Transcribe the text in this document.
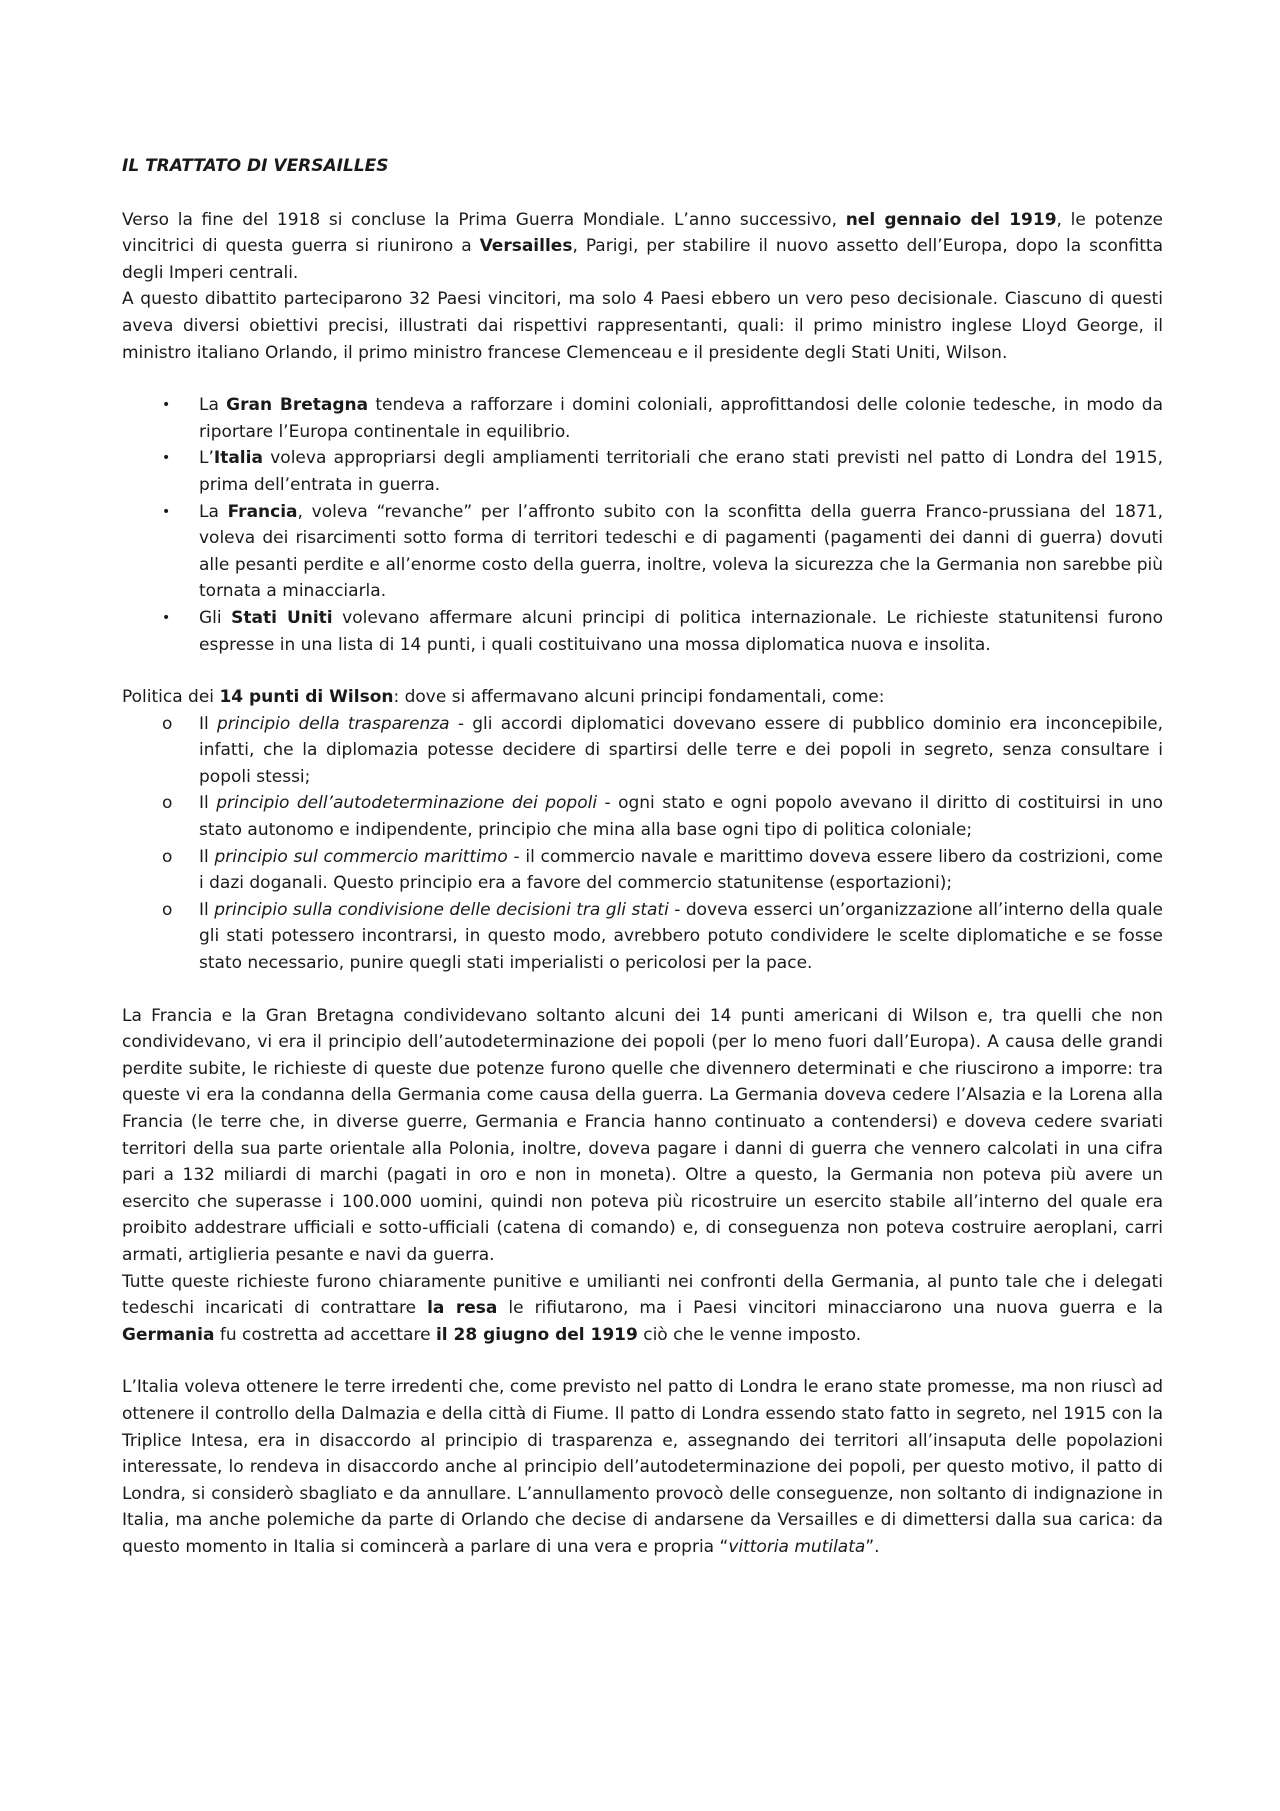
IL TRATTATO DI VERSAILLES

Verso la fine del 1918 si concluse la Prima Guerra Mondiale. L’anno successivo, nel gennaio del 1919, le potenze vincitrici di questa guerra si riunirono a Versailles, Parigi, per stabilire il nuovo assetto dell’Europa, dopo la sconfitta degli Imperi centrali.

A questo dibattito parteciparono 32 Paesi vincitori, ma solo 4 Paesi ebbero un vero peso decisionale. Ciascuno di questi aveva diversi obiettivi precisi, illustrati dai rispettivi rappresentanti, quali: il primo ministro inglese Lloyd George, il ministro italiano Orlando, il primo ministro francese Clemenceau e il presidente degli Stati Uniti, Wilson.

• La Gran Bretagna tendeva a rafforzare i domini coloniali, approfittandosi delle colonie tedesche, in modo da riportare l’Europa continentale in equilibrio.
• L’Italia voleva appropriarsi degli ampliamenti territoriali che erano stati previsti nel patto di Londra del 1915, prima dell’entrata in guerra.
• La Francia, voleva “revanche” per l’affronto subito con la sconfitta della guerra Franco-prussiana del 1871, voleva dei risarcimenti sotto forma di territori tedeschi e di pagamenti (pagamenti dei danni di guerra) dovuti alle pesanti perdite e all’enorme costo della guerra, inoltre, voleva la sicurezza che la Germania non sarebbe più tornata a minacciarla.
• Gli Stati Uniti volevano affermare alcuni principi di politica internazionale. Le richieste statunitensi furono espresse in una lista di 14 punti, i quali costituivano una mossa diplomatica nuova e insolita.

Politica dei 14 punti di Wilson: dove si affermavano alcuni principi fondamentali, come:

o Il principio della trasparenza - gli accordi diplomatici dovevano essere di pubblico dominio era inconcepibile, infatti, che la diplomazia potesse decidere di spartirsi delle terre e dei popoli in segreto, senza consultare i popoli stessi;
o Il principio dell’autodeterminazione dei popoli - ogni stato e ogni popolo avevano il diritto di costituirsi in uno stato autonomo e indipendente, principio che mina alla base ogni tipo di politica coloniale;
o Il principio sul commercio marittimo - il commercio navale e marittimo doveva essere libero da costrizioni, come i dazi doganali. Questo principio era a favore del commercio statunitense (esportazioni);
o Il principio sulla condivisione delle decisioni tra gli stati - doveva esserci un’organizzazione all’interno della quale gli stati potessero incontrarsi, in questo modo, avrebbero potuto condividere le scelte diplomatiche e se fosse stato necessario, punire quegli stati imperialisti o pericolosi per la pace.

La Francia e la Gran Bretagna condividevano soltanto alcuni dei 14 punti americani di Wilson e, tra quelli che non condividevano, vi era il principio dell’autodeterminazione dei popoli (per lo meno fuori dall’Europa). A causa delle grandi perdite subite, le richieste di queste due potenze furono quelle che divennero determinati e che riuscirono a imporre: tra queste vi era la condanna della Germania come causa della guerra. La Germania doveva cedere l’Alsazia e la Lorena alla Francia (le terre che, in diverse guerre, Germania e Francia hanno continuato a contendersi) e doveva cedere svariati territori della sua parte orientale alla Polonia, inoltre, doveva pagare i danni di guerra che vennero calcolati in una cifra pari a 132 miliardi di marchi (pagati in oro e non in moneta). Oltre a questo, la Germania non poteva più avere un esercito che superasse i 100.000 uomini, quindi non poteva più ricostruire un esercito stabile all’interno del quale era proibito addestrare ufficiali e sotto-ufficiali (catena di comando) e, di conseguenza non poteva costruire aeroplani, carri armati, artiglieria pesante e navi da guerra.

Tutte queste richieste furono chiaramente punitive e umilianti nei confronti della Germania, al punto tale che i delegati tedeschi incaricati di contrattare la resa le rifiutarono, ma i Paesi vincitori minacciarono una nuova guerra e la Germania fu costretta ad accettare il 28 giugno del 1919 ciò che le venne imposto.

L’Italia voleva ottenere le terre irredenti che, come previsto nel patto di Londra le erano state promesse, ma non riuscì ad ottenere il controllo della Dalmazia e della città di Fiume. Il patto di Londra essendo stato fatto in segreto, nel 1915 con la Triplice Intesa, era in disaccordo al principio di trasparenza e, assegnando dei territori all’insaputa delle popolazioni interessate, lo rendeva in disaccordo anche al principio dell’autodeterminazione dei popoli, per questo motivo, il patto di Londra, si considerò sbagliato e da annullare. L’annullamento provocò delle conseguenze, non soltanto di indignazione in Italia, ma anche polemiche da parte di Orlando che decise di andarsene da Versailles e di dimettersi dalla sua carica: da questo momento in Italia si comincerà a parlare di una vera e propria “vittoria mutilata”.
